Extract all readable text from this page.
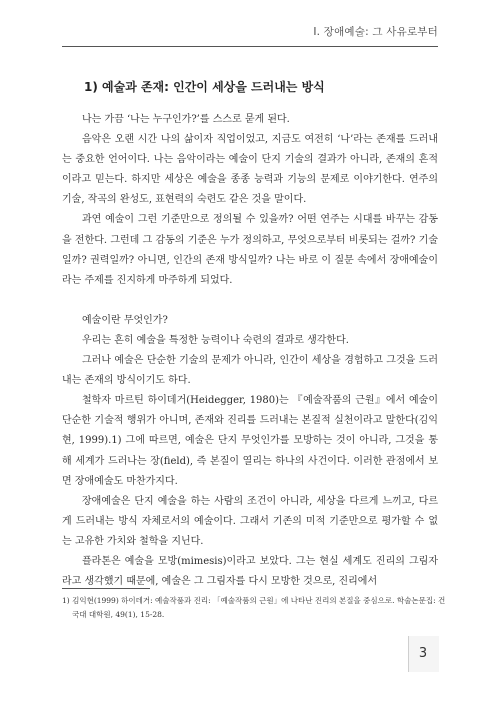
Ⅰ. 장애예술: 그 사유로부터
1) 예술과 존재: 인간이 세상을 드러내는 방식

나는 가끔 ‘나는 누구인가?’를 스스로 묻게 된다.

음악은 오랜 시간 나의 삶이자 직업이었고, 지금도 여전히 ‘나’라는 존재를 드러내는 중요한 언어이다. 나는 음악이라는 예술이 단지 기술의 결과가 아니라, 존재의 흔적이라고 믿는다. 하지만 세상은 예술을 종종 능력과 기능의 문제로 이야기한다. 연주의 기술, 작곡의 완성도, 표현력의 숙련도 같은 것을 말이다.

과연 예술이 그런 기준만으로 정의될 수 있을까? 어떤 연주는 시대를 바꾸는 감동을 전한다. 그런데 그 감동의 기준은 누가 정의하고, 무엇으로부터 비롯되는 걸까? 기술일까? 권력일까? 아니면, 인간의 존재 방식일까? 나는 바로 이 질문 속에서 장애예술이라는 주제를 진지하게 마주하게 되었다.

예술이란 무엇인가?

우리는 흔히 예술을 특정한 능력이나 숙련의 결과로 생각한다.

그러나 예술은 단순한 기술의 문제가 아니라, 인간이 세상을 경험하고 그것을 드러내는 존재의 방식이기도 하다.

철학자 마르틴 하이데거(Heidegger, 1980)는 『예술작품의 근원』에서 예술이 단순한 기술적 행위가 아니며, 존재와 진리를 드러내는 본질적 실천이라고 말한다(김익현, 1999).1) 그에 따르면, 예술은 단지 무엇인가를 모방하는 것이 아니라, 그것을 통해 세계가 드러나는 장(field), 즉 본질이 열리는 하나의 사건이다. 이러한 관점에서 보면 장애예술도 마찬가지다.

장애예술은 단지 예술을 하는 사람의 조건이 아니라, 세상을 다르게 느끼고, 다르게 드러내는 방식 자체로서의 예술이다. 그래서 기존의 미적 기준만으로 평가할 수 없는 고유한 가치와 철학을 지닌다.

플라톤은 예술을 모방(mimesis)이라고 보았다. 그는 현실 세계도 진리의 그림자라고 생각했기 때문에, 예술은 그 그림자를 다시 모방한 것으로, 진리에서

1) 김익현(1999) 하이데거: 예술작품과 진리: 「예술작품의 근원」에 나타난 진리의 본질을 중심으로. 학술논문집: 건국대 대학원, 49(1), 15-28.
3
